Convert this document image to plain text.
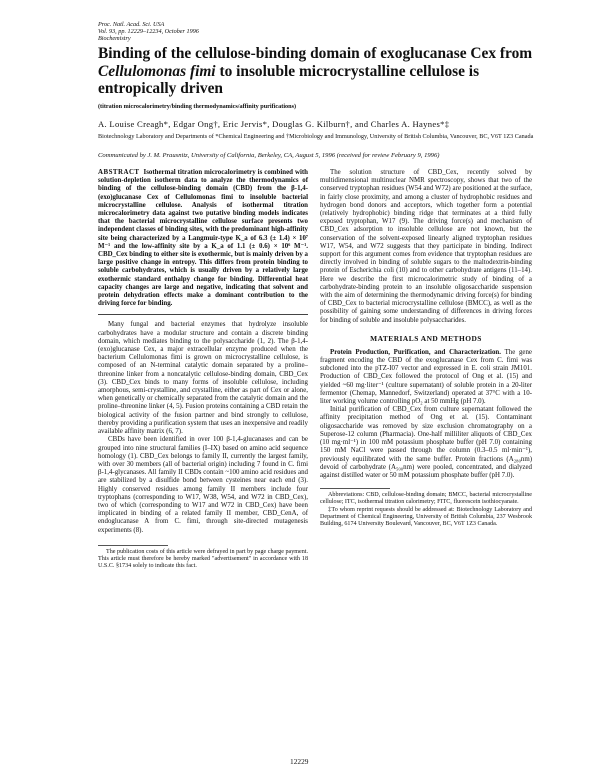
Proc. Natl. Acad. Sci. USA
Vol. 93, pp. 12229–12234, October 1996
Biochemistry
Binding of the cellulose-binding domain of exoglucanase Cex from
Cellulomonas fimi to insoluble microcrystalline cellulose is
entropically driven
(titration microcalorimetry/binding thermodynamics/affinity purifications)
A. Louise Creagh*, Edgar Ong†, Eric Jervis*, Douglas G. Kilburn†, and Charles A. Haynes*‡
Biotechnology Laboratory and Departments of *Chemical Engineering and †Microbiology and Immunology, University of British Columbia, Vancouver, BC, V6T 1Z3 Canada
Communicated by J. M. Prausnitz, University of California, Berkeley, CA, August 5, 1996 (received for review February 9, 1996)
ABSTRACT Isothermal titration microcalorimetry is combined with solution-depletion isotherm data to analyze the thermodynamics of binding of the cellulose-binding domain (CBD) from the β-1,4-(exo)glucanase Cex of Cellulomonas fimi to insoluble bacterial microcrystalline cellulose. Analysis of isothermal titration microcalorimetry data against two putative binding models indicates that the bacterial microcrystalline cellulose surface presents two independent classes of binding sites, with the predominant high-affinity site being characterized by a Langmuir-type K_a of 6.3 (± 1.4) × 10⁷ M⁻¹ and the low-affinity site by a K_a of 1.1 (± 0.6) × 10⁶ M⁻¹. CBD_Cex binding to either site is exothermic, but is mainly driven by a large positive change in entropy. This differs from protein binding to soluble carbohydrates, which is usually driven by a relatively large exothermic standard enthalpy change for binding. Differential heat capacity changes are large and negative, indicating that solvent and protein dehydration effects make a dominant contribution to the driving force for binding.

Many fungal and bacterial enzymes that hydrolyze insoluble carbohydrates have a modular structure and contain a discrete binding domain, which mediates binding to the polysaccharide (1, 2). The β-1,4-(exo)glucanase Cex, a major extracellular enzyme produced when the bacterium Cellulomonas fimi is grown on microcrystalline cellulose, is composed of an N-terminal catalytic domain separated by a proline–threonine linker from a noncatalytic cellulose-binding domain, CBD_Cex (3). CBD_Cex binds to many forms of insoluble cellulose, including amorphous, semi-crystalline, and crystalline, either as part of Cex or alone, when genetically or chemically separated from the catalytic domain and the proline–threonine linker (4, 5). Fusion proteins containing a CBD retain the biological activity of the fusion partner and bind strongly to cellulose, thereby providing a purification system that uses an inexpensive and readily available affinity matrix (6, 7).

CBDs have been identified in over 100 β-1,4-glucanases and can be grouped into nine structural families (I–IX) based on amino acid sequence homology (1). CBD_Cex belongs to family II, currently the largest family, with over 30 members (all of bacterial origin) including 7 found in C. fimi β-1,4-glycanases. All family II CBDs contain ~100 amino acid residues and are stabilized by a disulfide bond between cysteines near each end (3). Highly conserved residues among family II members include four tryptophans (corresponding to W17, W38, W54, and W72 in CBD_Cex), two of which (corresponding to W17 and W72 in CBD_Cex) have been implicated in binding of a related family II member, CBD_CenA, of endoglucanase A from C. fimi, through site-directed mutagenesis experiments (8).

The publication costs of this article were defrayed in part by page charge payment. This article must therefore be hereby marked "advertisement" in accordance with 18 U.S.C. §1734 solely to indicate this fact.

The solution structure of CBD_Cex, recently solved by multidimensional multinuclear NMR spectroscopy, shows that two of the conserved tryptophan residues (W54 and W72) are positioned at the surface, in fairly close proximity, and among a cluster of hydrophobic residues and hydrogen bond donors and acceptors, which together form a potential (relatively hydrophobic) binding ridge that terminates at a third fully exposed tryptophan, W17 (9). The driving force(s) and mechanism of CBD_Cex adsorption to insoluble cellulose are not known, but the conservation of the solvent-exposed linearly aligned tryptophan residues W17, W54, and W72 suggests that they participate in binding. Indirect support for this argument comes from evidence that tryptophan residues are directly involved in binding of soluble sugars to the maltodextrin-binding protein of Escherichia coli (10) and to other carbohydrate antigens (11–14). Here we describe the first microcalorimetric study of binding of a carbohydrate-binding protein to an insoluble oligosaccharide suspension with the aim of determining the thermodynamic driving force(s) for binding of CBD_Cex to bacterial microcrystalline cellulose (BMCC), as well as the possibility of gaining some understanding of differences in driving forces for binding of soluble and insoluble polysaccharides.

MATERIALS AND METHODS

Protein Production, Purification, and Characterization. The gene fragment encoding the CBD of the exoglucanase Cex from C. fimi was subcloned into the pTZ-I07 vector and expressed in E. coli strain JM101. Production of CBD_Cex followed the protocol of Ong et al. (15) and yielded ~60 mg·liter⁻¹ (culture supernatant) of soluble protein in a 20-liter fermentor (Chemap, Mannedorf, Switzerland) operated at 37°C with a 10-liter working volume controlling pO₂ at 50 mmHg (pH 7.0).

Initial purification of CBD_Cex from culture supernatant followed the affinity precipitation method of Ong et al. (15). Contaminant oligosaccharide was removed by size exclusion chromatography on a Superose-12 column (Pharmacia). One-half milliliter aliquots of CBD_Cex (10 mg·ml⁻¹) in 100 mM potassium phosphate buffer (pH 7.0) containing 150 mM NaCl were passed through the column (0.3–0.5 ml·min⁻¹), previously equilibrated with the same buffer. Protein fractions (A₂₈₀nm) devoid of carbohydrate (A₅₀₀nm) were pooled, concentrated, and dialyzed against distilled water or 50 mM potassium phosphate buffer (pH 7.0).

Abbreviations: CBD, cellulose-binding domain; BMCC, bacterial microcrystalline cellulose; ITC, isothermal titration calorimetry; FITC, fluorescein isothiocyanate.

‡To whom reprint requests should be addressed at: Biotechnology Laboratory and Department of Chemical Engineering, University of British Columbia, 237 Wesbrook Building, 6174 University Boulevard, Vancouver, BC, V6T 1Z3 Canada.

12229
